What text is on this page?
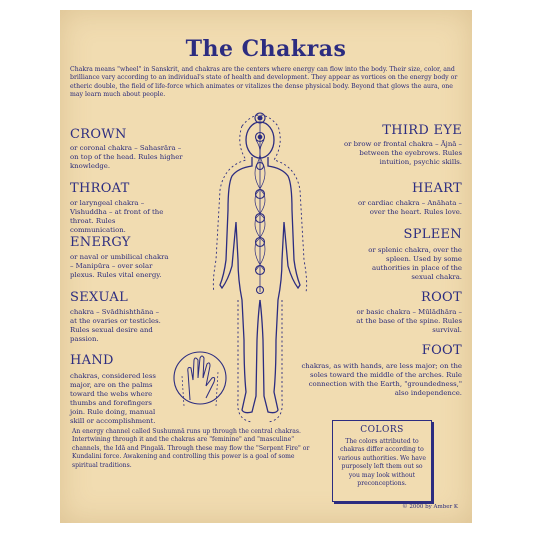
The Chakras

Chakra means "wheel" in Sanskrit, and chakras are the centers where energy can flow into the body. Their size, color, and brilliance vary according to an individual's state of health and development. They appear as vortices on the energy body or etheric double, the field of life-force which animates or vitalizes the dense physical body. Beyond that glows the aura, one may learn much about people.

CROWN
or coronal chakra – Sahasrāra – on top of the head. Rules higher knowledge.
THROAT
or laryngeal chakra – Vishuddha – at front of the throat. Rules communication.
ENERGY
or naval or umbilical chakra – Manipūra – over solar plexus. Rules vital energy.
SEXUAL
chakra – Svādhishthāna – at the ovaries or testicles. Rules sexual desire and passion.
HAND
chakras, considered less major, are on the palms toward the webs where thumbs and forefingers join. Rule doing, manual skill or accomplishment.
THIRD EYE
or brow or frontal chakra – Ājnā – between the eyebrows. Rules intuition, psychic skills.
HEART
or cardiac chakra – Anāhata – over the heart. Rules love.
SPLEEN
or splenic chakra, over the spleen. Used by some authorities in place of the sexual chakra.
ROOT
or basic chakra – Mūlādhāra – at the base of the spine. Rules survival.
FOOT
chakras, as with hands, are less major; on the soles toward the middle of the arches. Rule connection with the Earth, "groundedness," also independence.

An energy channel called Sushumnā runs up through the central chakras. Intertwining through it and the chakras are "feminine" and "masculine" channels, the Idā and Pingalā. Through these may flow the "Serpent Fire" or Kundalini force. Awakening and controlling this power is a goal of some spiritual traditions.

COLORS
The colors attributed to chakras differ according to various authorities. We have purposely left them out so you may look without preconceptions.
© 2000 by Amber K
